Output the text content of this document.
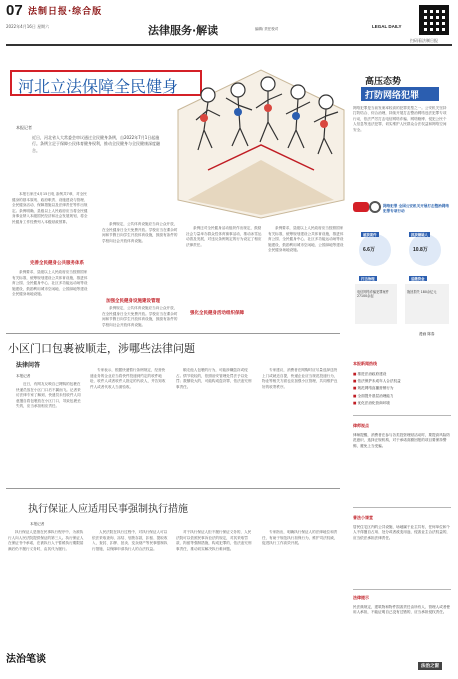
07 法制日报·综合版
2022年4月16日 星期六	法律服务·解读	编辑/ 责任校对	LEGAL DAILY
扫码看法制日报
河北立法保障全民健身
本报记者
近日，河北省人大常委会审议通过全民健身条例，自2022年7月1日起施行。条例立足于保障公民体育健身权利，推动全民健身与全民健康深度融合。
完善全民健身公共服务体系

本报石家庄4月15日电 条例共7章，对全民健身的基本原则、政府职责、设施建设与管理、全民健身活动、保障措施以及法律责任等作出规定。条例明确，县级以上人民政府应当将全民健身事业纳入本级国民经济和社会发展规划，将全民健身工作经费列入本级财政预算。

条例要求，县级以上人民政府应当按照国家有关标准，统筹规划建设公共体育设施，推进体育公园、全民健身中心、社区多功能运动场等设施建设，鼓励利用城市空闲地、公园绿地等建设全民健身场地设施。

加强全民健身设施建设管理

条例规定，公共体育设施应当向公众开放，在全民健身日全天免费开放。学校应当在课余时间和节假日向学生开放体育设施，鼓励有条件的学校向社会开放体育设施。

条例规定，公共体育设施应当向公众开放，在全民健身日全天免费开放。学校应当在课余时间和节假日向学生开放体育设施，鼓励有条件的学校向社会开放体育设施。

条例还对全民健身活动组织作出规定，鼓励社会力量举办群众性体育赛事活动，推动冰雪运动普及发展，对违反条例规定的行为设定了相应法律责任。

强化全民健身活动组织保障

条例要求，县级以上人民政府应当按照国家有关标准，统筹规划建设公共体育设施，推进体育公园、全民健身中心、社区多功能运动场等设施建设，鼓励利用城市空闲地、公园绿地等建设全民健身场地设施。

高压态势
打防网络犯罪
网络犯罪是当前发案率较高的犯罪类型之一。公安机关坚持打防结合、综合治理，持续开展打击整治网络违法犯罪专项行动，依法严厉打击电信网络诈骗、网络赌博、侵犯公民个人信息等违法犯罪，切实维护人民群众合法权益和网络空间安全。
网络犯罪 全国公安机关开展打击整治网络犯罪专项行动
破获案件
6.6万
抓获嫌疑人
10.8万
打击治理
电信网络诈骗犯罪案件 27100余起
追缴资金
挽回损失 180余亿元
漫画 陈春
小区门口包裹被顺走，涉哪些法律问题
法律问答
本报记者

近日，有网友反映自己网购的包裹在快递员放在小区门口后不翼而飞。记者采访法律专家了解到，快递员未经收件人同意擅自将包裹放在小区门口，导致包裹丢失的，应当承担相应责任。

专家表示，根据快递暂行条例规定，经营快递业务的企业应当将快件投递到约定的收件地址、收件人或者收件人指定的代收人，并告知收件人或者代收人当面验收。

顺走他人包裹的行为，可能涉嫌盗窃或侵占。情节较轻的，依照治安管理处罚法予以处罚；数额较大的，可能构成盗窃罪，依法追究刑事责任。

专家建议，消费者在网购时应尽量选择送货上门或就近自提，快递企业应当规范投递行为，物业等相关方面也应加强小区管理，共同维护良好的收寄秩序。

执行保证人应适用民事强制执行措施
本报记者

执行保证人是指在民事执行程序中，为被执行人向人民法院提供保证的第三人。执行保证人在保证书中承诺，在被执行人于暂缓执行期限届满后仍不履行义务时，由其代为履行。

人民法院在执行过程中，对执行保证人可以依法采取查询、冻结、划拨存款，扣留、提取收入，查封、扣押、拍卖、变卖财产等民事强制执行措施，以保障申请执行人的合法权益。

对于执行保证人拒不履行保证义务的，人民法院可以依照民事诉讼法的规定，对其采取罚款、拘留等强制措施，构成犯罪的，依法追究刑事责任，推动切实解决执行难问题。

专家指出，明确执行保证人的法律地位和责任，有助于规范执行担保行为，维护司法权威，促进执行工作高效开展。

法治笔谈
本报新闻热线
■ 推进法治政府建设
■ 依法保护未成年人合法权益
■ 规范网络直播营销行为
■ 全面提升基层治理能力
■ 优化法治化营商环境
律师视点
律师提醒，消费者在参与各类投资理财活动时，要提高风险防范意识，选择正规机构，对于承诺高额回报的项目要保持警惕，避免上当受骗。
普法小课堂
居民住宅区内的公共设施、场地属于业主共有，任何单位和个人不得擅自占用、处分或者改变用途，侵害业主合法权益的，应当依法承担法律责任。
法律提示
民法典规定，建筑物和物件损害责任由所有人、管理人或者使用人承担，不能证明自己没有过错的，应当承担侵权责任。
法治之窗
